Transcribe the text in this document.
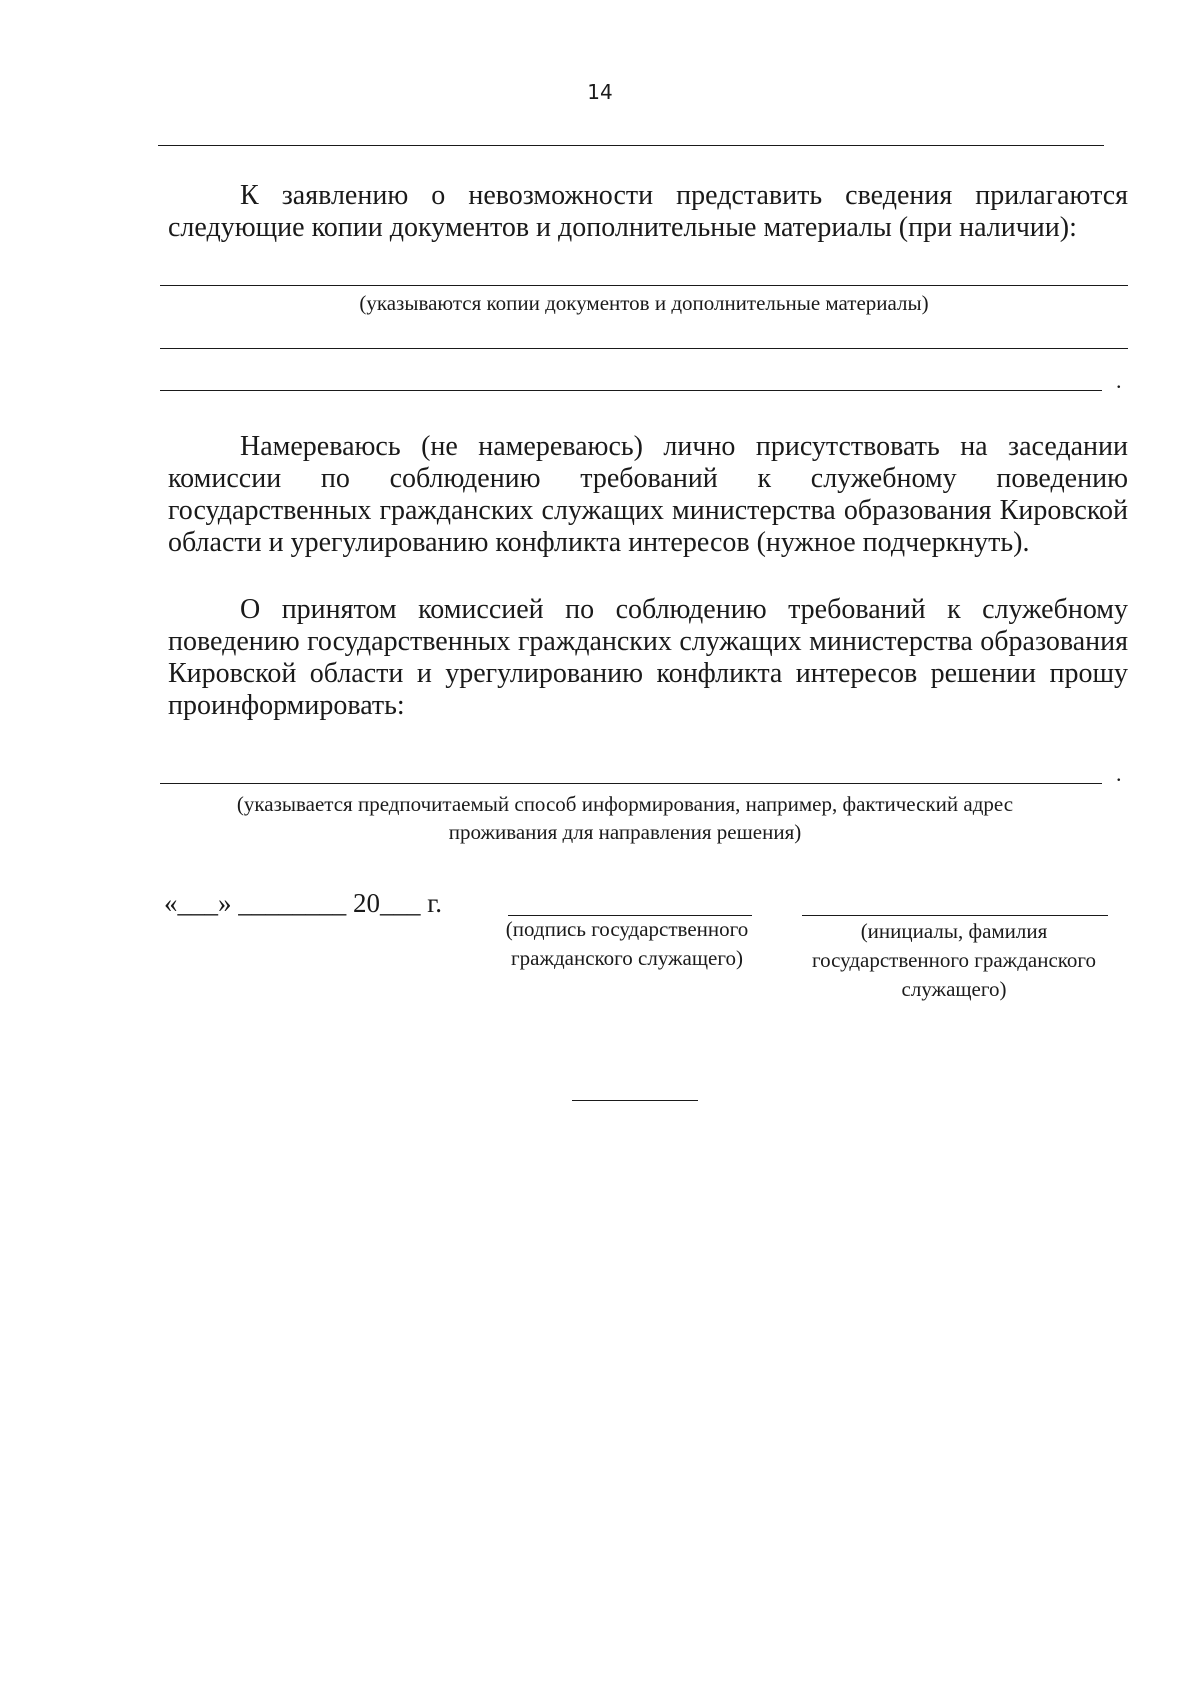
14

К заявлению о невозможности представить сведения прилагаются следующие копии документов и дополнительные материалы (при наличии):

(указываются копии документов и дополнительные материалы)
.

Намереваюсь (не намереваюсь) лично присутствовать на заседании комиссии по соблюдению требований к служебному поведению государственных гражданских служащих министерства образования Кировской области и урегулированию конфликта интересов (нужное подчеркнуть).

О принятом комиссией по соблюдению требований к служебному поведению государственных гражданских служащих министерства образования Кировской области и урегулированию конфликта интересов решении прошу проинформировать:

.
(указывается предпочитаемый способ информирования, например, фактический адрес
проживания для направления решения)
«___» ________ 20___ г.
(подпись государственного
гражданского служащего)
(инициалы, фамилия
государственного гражданского
служащего)
